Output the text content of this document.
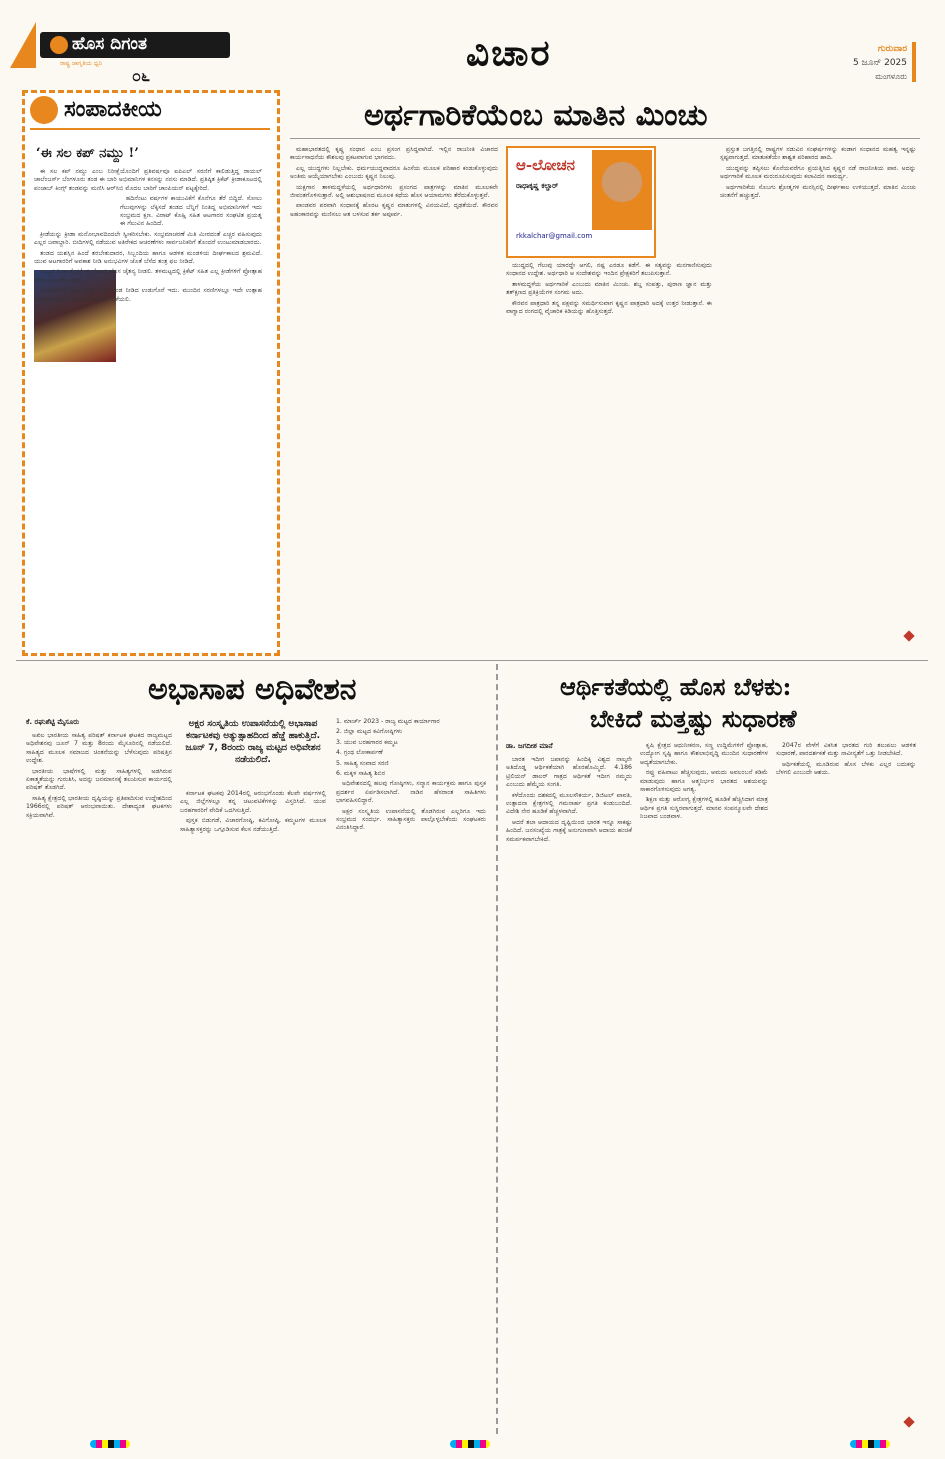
ಹೊಸ ದಿಗಂತ
ರಾಷ್ಟ್ರ ಜಾಗೃತಿಯ ಧ್ವನಿ
೦೬
ವಿಚಾರ	ಗುರುವಾರ
5 ಜೂನ್ 2025
ಮಂಗಳೂರು
ಸಂಪಾದಕೀಯ
‘ಈ ಸಲ ಕಪ್ ನಮ್ದು !’

ಈ ಸಲ ಕಪ್ ನಮ್ದು ಎಂಬ ನಿರೀಕ್ಷೆಯೊಂದಿಗೆ ಪ್ರತಿವರ್ಷವೂ ಐಪಿಎಲ್ ಸರಣಿಗೆ ಕಾಲಿಡುತ್ತಿದ್ದ ರಾಯಲ್ ಚಾಲೆಂಜರ್ಸ್ ಬೆಂಗಳೂರು ತಂಡ ಈ ಬಾರಿ ಅಭಿಮಾನಿಗಳ ಕನಸನ್ನು ನನಸು ಮಾಡಿದೆ. ಪ್ರತಿಷ್ಠಿತ ಕ್ರಿಕೆಟ್ ಕ್ರೀಡಾಕೂಟದಲ್ಲಿ ಪಂಜಾಬ್ ಕಿಂಗ್ಸ್ ತಂಡವನ್ನು ಮಣಿಸಿ ಆರ್‌ಸಿಬಿ ಮೊದಲ ಬಾರಿಗೆ ಚಾಂಪಿಯನ್ ಪಟ್ಟಕ್ಕೇರಿದೆ.

ಹದಿನೆಂಟು ವರ್ಷಗಳ ಕಾಯುವಿಕೆಗೆ ಕೊನೆಗೂ ತೆರೆ ಬಿದ್ದಿದೆ. ಸೋಲು ಗೆಲುವುಗಳನ್ನು ಲೆಕ್ಕಿಸದೆ ತಂಡದ ಬೆನ್ನಿಗೆ ನಿಂತಿದ್ದ ಅಭಿಮಾನಿಗಳಿಗೆ ಇದು ಸಂಭ್ರಮದ ಕ್ಷಣ. ವಿರಾಟ್ ಕೊಹ್ಲಿ ಸಹಿತ ಆಟಗಾರರ ಸಂಘಟಿತ ಪ್ರಯತ್ನ ಈ ಗೆಲುವಿನ ಹಿಂದಿದೆ.

ಕ್ರೀಡೆಯನ್ನು ಕ್ರೀಡಾ ಮನೋಭಾವದಿಂದಲೇ ಸ್ವೀಕರಿಸಬೇಕು. ಸಂಭ್ರಮಾಚರಣೆ ಮಿತಿ ಮೀರದಂತೆ ಎಚ್ಚರ ವಹಿಸುವುದು ಎಲ್ಲರ ಜವಾಬ್ದಾರಿ. ಬೀದಿಗಳಲ್ಲಿ ನಡೆಯುವ ಅತಿರೇಕದ ಆಚರಣೆಗಳು ಸಾರ್ವಜನಿಕರಿಗೆ ತೊಂದರೆ ಉಂಟುಮಾಡಬಾರದು.

ತಂಡದ ಯಶಸ್ಸಿನ ಹಿಂದೆ ತರಬೇತುದಾರರ, ಸಿಬ್ಬಂದಿಯ ಹಾಗೂ ಆಡಳಿತ ಮಂಡಳಿಯ ದೀರ್ಘಕಾಲದ ಶ್ರಮವಿದೆ. ಯುವ ಆಟಗಾರರಿಗೆ ಅವಕಾಶ ನೀಡಿ ಅನುಭವಿಗಳ ಜೊತೆ ಬೆಸೆದ ತಂತ್ರ ಫಲ ನೀಡಿದೆ.

ರಾಜ್ಯದ ಕ್ರೀಡಾ ಕ್ಷೇತ್ರಕ್ಕೆ ಈ ಗೆಲುವು ಹೊಸ ಚೈತನ್ಯ ನೀಡಲಿ. ತಳಮಟ್ಟದಲ್ಲಿ ಕ್ರಿಕೆಟ್ ಸಹಿತ ಎಲ್ಲ ಕ್ರೀಡೆಗಳಿಗೆ ಪ್ರೋತ್ಸಾಹ ಸಿಗಲಿ ಎಂಬುದೇ ಆಶಯ.

ಅಭಿಮಾನಿಗಳ ಅಕ್ಕರೆ ಮತ್ತು ನಿಷ್ಠೆಗೆ ತಂಡ ನೀಡಿದ ಉಡುಗೊರೆ ಇದು. ಮುಂದಿನ ಸರಣಿಗಳಲ್ಲೂ ಇದೇ ಉತ್ಸಾಹ ಮುಂದುವರಿಯಲಿ, ಗೆಲುವಿನ ಪರಂಪರೆ ಬೆಳೆಯಲಿ.

ಅರ್ಥಗಾರಿಕೆಯೆಂಬ ಮಾತಿನ ಮಿಂಚು
ಆ-ಲೋಚನ
ರಾಧಾಕೃಷ್ಣ ಕಲ್ಚಾರ್
rkkalchar@gmail.com

ಮಹಾಭಾರತದಲ್ಲಿ ಕೃಷ್ಣ ಸಂಧಾನ ಎಂಬ ಪ್ರಸಂಗ ಪ್ರಸಿದ್ಧವಾಗಿದೆ. ಇಲ್ಲಿನ ರಾಜನೀತಿ ವಿಚಾರದ ಕಾರ್ಯಸಾಧನೆಯ ಕೌಶಲವು ಪ್ರಕಟವಾಗುವ ಭಾಗವದು.

ಎಲ್ಲ ಯುದ್ಧಗಳು ನಿಲ್ಲಬೇಕು. ಧರ್ಮಯುದ್ಧವಾದರೂ ಹಿಂಸೆಯ ಮೂಲಕ ಪರಿಹಾರ ಕಂಡುಕೊಳ್ಳುವುದು ಅಂತಿಮ ಆಯ್ಕೆಯಾಗಬೇಕು ಎಂಬುದು ಕೃಷ್ಣನ ನಿಲುವು.

ಯಕ್ಷಗಾನ ತಾಳಮದ್ದಳೆಯಲ್ಲಿ ಅರ್ಥಧಾರಿಗಳು ಪ್ರಸಂಗದ ಪಾತ್ರಗಳನ್ನು ಮಾತಿನ ಮೂಲಕವೇ ಜೀವಂತಗೊಳಿಸುತ್ತಾರೆ. ಅಲ್ಲಿ ಆಶುಭಾಷಣದ ಮೂಲಕ ಕಥೆಯ ಹೊಸ ಆಯಾಮಗಳು ತೆರೆದುಕೊಳ್ಳುತ್ತವೆ.

ಪಾಂಡವರ ಪರವಾಗಿ ಸಂಧಾನಕ್ಕೆ ಹೊರಟ ಕೃಷ್ಣನ ಮಾತುಗಳಲ್ಲಿ ವಿನಯವಿದೆ, ದೃಢತೆಯಿದೆ. ಕೌರವನ ಅಹಂಕಾರವನ್ನು ಮಣಿಸಲು ಆತ ಬಳಸುವ ತರ್ಕ ಅಪೂರ್ವ.

ಯುದ್ಧದಲ್ಲಿ ಗೆಲುವು ಯಾರದ್ದೇ ಆಗಲಿ, ನಷ್ಟ ಎರಡೂ ಕಡೆಗೆ. ಈ ಸತ್ಯವನ್ನು ಮನಗಾಣಿಸುವುದು ಸಂಧಾನದ ಉದ್ದೇಶ. ಅರ್ಥಧಾರಿ ಆ ಸಂದೇಶವನ್ನು ಇಂದಿನ ಪ್ರೇಕ್ಷಕರಿಗೆ ತಲುಪಿಸುತ್ತಾನೆ.

ತಾಳಮದ್ದಳೆಯ ಅರ್ಥಗಾರಿಕೆ ಎಂಬುದು ಮಾತಿನ ಮಿಂಚು. ಶಬ್ದ ಸಂಪತ್ತು, ಪುರಾಣ ಜ್ಞಾನ ಮತ್ತು ತತ್‌ಕ್ಷಣದ ಪ್ರತಿಕ್ರಿಯೆಗಳ ಸಂಗಮ ಅದು.

ಕೌರವನ ಪಾತ್ರಧಾರಿ ತನ್ನ ಪಕ್ಷವನ್ನು ಸಮರ್ಥಿಸುವಾಗ ಕೃಷ್ಣನ ಪಾತ್ರಧಾರಿ ಅದಕ್ಕೆ ಉತ್ತರ ನೀಡುತ್ತಾನೆ. ಈ ವಾಗ್ವಾದ ರಂಗದಲ್ಲಿ ವೈಚಾರಿಕ ಕಿಡಿಯನ್ನು ಹೊತ್ತಿಸುತ್ತದೆ.

ಪ್ರಸ್ತುತ ಜಗತ್ತಿನಲ್ಲಿ ರಾಷ್ಟ್ರಗಳ ನಡುವಿನ ಸಂಘರ್ಷಗಳನ್ನು ಕಂಡಾಗ ಸಂಧಾನದ ಮಹತ್ವ ಇನ್ನಷ್ಟು ಸ್ಪಷ್ಟವಾಗುತ್ತದೆ. ಮಾತುಕತೆಯೇ ಶಾಶ್ವತ ಪರಿಹಾರದ ಹಾದಿ.

ಯುದ್ಧವನ್ನು ತಪ್ಪಿಸಲು ಕೊನೆಯವರೆಗೂ ಪ್ರಯತ್ನಿಸಿದ ಕೃಷ್ಣನ ನಡೆ ರಾಜನೀತಿಯ ಪಾಠ. ಅದನ್ನು ಅರ್ಥಗಾರಿಕೆ ಮೂಲಕ ಮರುರೂಪಿಸುವುದು ಕಲಾವಿದನ ಸಾಮರ್ಥ್ಯ.

ಅರ್ಥಗಾರಿಕೆಯ ಸೊಬಗು ಶ್ರೋತೃಗಳ ಮನಸ್ಸಿನಲ್ಲಿ ದೀರ್ಘಕಾಲ ಉಳಿಯುತ್ತದೆ. ಮಾತಿನ ಮಿಂಚು ಚಿಂತನೆಗೆ ಹಚ್ಚುತ್ತದೆ.

ಅಭಾಸಾಪ ಅಧಿವೇಶನ
ಕೆ. ರಘುಶೆಟ್ಟಿ ಮೈಸೂರು	ಅಕ್ಷರ ಸಂಸ್ಕೃತಿಯ ಉಪಾಸನೆಯಲ್ಲಿ ಅಭಾಸಾಪ ಕರ್ನಾಟಕವು ಅತ್ಯುತ್ಸಾಹದಿಂದ ಹೆಜ್ಜೆ ಹಾಕುತ್ತಿದೆ. ಜೂನ್ 7, 8ರಂದು ರಾಜ್ಯ ಮಟ್ಟದ ಅಧಿವೇಶನ ನಡೆಯಲಿದೆ.

ಅಖಿಲ ಭಾರತೀಯ ಸಾಹಿತ್ಯ ಪರಿಷತ್ ಕರ್ನಾಟಕ ಘಟಕದ ರಾಜ್ಯಮಟ್ಟದ ಅಧಿವೇಶನವು ಜೂನ್ 7 ಮತ್ತು 8ರಂದು ಮೈಸೂರಿನಲ್ಲಿ ನಡೆಯಲಿದೆ. ಸಾಹಿತ್ಯದ ಮೂಲಕ ಸಮಾಜದ ಚಿಂತನೆಯನ್ನು ಬೆಳೆಸುವುದು ಪರಿಷತ್ತಿನ ಉದ್ದೇಶ.

ಭಾರತೀಯ ಭಾಷೆಗಳಲ್ಲಿ ಮತ್ತು ಸಾಹಿತ್ಯಗಳಲ್ಲಿ ಅಡಗಿರುವ ಏಕಾತ್ಮತೆಯನ್ನು ಗುರುತಿಸಿ, ಅದನ್ನು ಜನಮಾನಸಕ್ಕೆ ತಲುಪಿಸುವ ಕಾರ್ಯದಲ್ಲಿ ಪರಿಷತ್ ತೊಡಗಿದೆ.

ಸಾಹಿತ್ಯ ಕ್ಷೇತ್ರದಲ್ಲಿ ಭಾರತೀಯ ದೃಷ್ಟಿಯನ್ನು ಪ್ರತಿಪಾದಿಸುವ ಉದ್ದೇಶದಿಂದ 1966ರಲ್ಲಿ ಪರಿಷತ್ ಆರಂಭವಾಯಿತು. ದೇಶಾದ್ಯಂತ ಘಟಕಗಳು ಸಕ್ರಿಯವಾಗಿವೆ.

ಕರ್ನಾಟಕ ಘಟಕವು 2014ರಲ್ಲಿ ಆರಂಭಗೊಂಡು ಕೆಲವೇ ವರ್ಷಗಳಲ್ಲಿ ಎಲ್ಲ ಜಿಲ್ಲೆಗಳಲ್ಲೂ ತನ್ನ ಚಟುವಟಿಕೆಗಳನ್ನು ವಿಸ್ತರಿಸಿದೆ. ಯುವ ಬರಹಗಾರರಿಗೆ ವೇದಿಕೆ ಒದಗಿಸುತ್ತಿದೆ.

ಪುಸ್ತಕ ಬಿಡುಗಡೆ, ವಿಚಾರಗೋಷ್ಠಿ, ಕವಿಗೋಷ್ಠಿ, ಕಮ್ಮಟಗಳ ಮೂಲಕ ಸಾಹಿತ್ಯಾಸಕ್ತರನ್ನು ಒಗ್ಗೂಡಿಸುವ ಕೆಲಸ ನಡೆಯುತ್ತಿದೆ.

1. ಮಾರ್ಚ್ 2023 - ರಾಜ್ಯ ಮಟ್ಟದ ಕಾರ್ಯಾಗಾರ

2. ಜಿಲ್ಲಾ ಮಟ್ಟದ ಕವಿಗೋಷ್ಠಿಗಳು

3. ಯುವ ಬರಹಗಾರರ ಕಮ್ಮಟ

4. ಗ್ರಂಥ ಲೋಕಾರ್ಪಣೆ

5. ಸಾಹಿತ್ಯ ಸಂವಾದ ಸರಣಿ

6. ಮಕ್ಕಳ ಸಾಹಿತ್ಯ ಶಿಬಿರ

ಅಧಿವೇಶನದಲ್ಲಿ ಹಲವು ಗೋಷ್ಠಿಗಳು, ಸನ್ಮಾನ ಕಾರ್ಯಕ್ರಮ ಹಾಗೂ ಪುಸ್ತಕ ಪ್ರದರ್ಶನ ಏರ್ಪಡಿಸಲಾಗಿದೆ. ನಾಡಿನ ಹೆಸರಾಂತ ಸಾಹಿತಿಗಳು ಭಾಗವಹಿಸಲಿದ್ದಾರೆ.

ಅಕ್ಷರ ಸಂಸ್ಕೃತಿಯ ಉಪಾಸನೆಯಲ್ಲಿ ತೊಡಗಿರುವ ಎಲ್ಲರಿಗೂ ಇದು ಸಂಭ್ರಮದ ಸಂದರ್ಭ. ಸಾಹಿತ್ಯಾಸಕ್ತರು ಪಾಲ್ಗೊಳ್ಳಬೇಕೆಂದು ಸಂಘಟಕರು ವಿನಂತಿಸಿದ್ದಾರೆ.

ಆರ್ಥಿಕತೆಯಲ್ಲಿ ಹೊಸ ಬೆಳಕು:
ಬೇಕಿದೆ ಮತ್ತಷ್ಟು ಸುಧಾರಣೆ
ಡಾ. ಜಗದೀಶ ಮಾನೆ

ಬಾರತ ಇದೀಗ ಜಪಾನನ್ನು ಹಿಂದಿಕ್ಕಿ ವಿಶ್ವದ ನಾಲ್ಕನೇ ಅತಿದೊಡ್ಡ ಆರ್ಥಿಕತೆಯಾಗಿ ಹೊರಹೊಮ್ಮಿದೆ. 4.186 ಟ್ರಿಲಿಯನ್ ಡಾಲರ್ ಗಾತ್ರದ ಆರ್ಥಿಕತೆ ಇದೀಗ ನಮ್ಮದು ಎಂಬುದು ಹೆಮ್ಮೆಯ ಸಂಗತಿ.

ಕಳೆದೊಂದು ದಶಕದಲ್ಲಿ ಮೂಲಸೌಕರ್ಯ, ಡಿಜಿಟಲ್ ಪಾವತಿ, ಉತ್ಪಾದನಾ ಕ್ಷೇತ್ರಗಳಲ್ಲಿ ಗಮನಾರ್ಹ ಪ್ರಗತಿ ಕಂಡುಬಂದಿದೆ. ವಿದೇಶಿ ನೇರ ಹೂಡಿಕೆ ಹೆಚ್ಚಳವಾಗಿದೆ.

ಆದರೆ ತಲಾ ಆದಾಯದ ದೃಷ್ಟಿಯಿಂದ ಭಾರತ ಇನ್ನೂ ಸಾಕಷ್ಟು ಹಿಂದಿದೆ. ಜನಸಂಖ್ಯೆಯ ಗಾತ್ರಕ್ಕೆ ಅನುಗುಣವಾಗಿ ಆದಾಯ ಹಂಚಿಕೆ ಸಮರ್ಪಕವಾಗಬೇಕಿದೆ.

ಕೃಷಿ ಕ್ಷೇತ್ರದ ಆಧುನೀಕರಣ, ಸಣ್ಣ ಉದ್ದಿಮೆಗಳಿಗೆ ಪ್ರೋತ್ಸಾಹ, ಉದ್ಯೋಗ ಸೃಷ್ಟಿ ಹಾಗೂ ಕೌಶಲಾಭಿವೃದ್ಧಿ ಮುಂದಿನ ಸುಧಾರಣೆಗಳ ಆದ್ಯತೆಯಾಗಬೇಕು.

ರಫ್ತು ವಹಿವಾಟು ಹೆಚ್ಚಿಸುವುದು, ಆಮದು ಅವಲಂಬನೆ ಕಡಿಮೆ ಮಾಡುವುದು ಹಾಗೂ ಆತ್ಮನಿರ್ಭರ ಭಾರತದ ಆಶಯವನ್ನು ಸಾಕಾರಗೊಳಿಸುವುದು ಅಗತ್ಯ.

ಶಿಕ್ಷಣ ಮತ್ತು ಆರೋಗ್ಯ ಕ್ಷೇತ್ರಗಳಲ್ಲಿ ಹೂಡಿಕೆ ಹೆಚ್ಚಿಸಿದಾಗ ಮಾತ್ರ ಆರ್ಥಿಕ ಪ್ರಗತಿ ಸುಸ್ಥಿರವಾಗುತ್ತದೆ. ಮಾನವ ಸಂಪನ್ಮೂಲವೇ ದೇಶದ ನಿಜವಾದ ಬಂಡವಾಳ.

2047ರ ವೇಳೆಗೆ ವಿಕಸಿತ ಭಾರತದ ಗುರಿ ತಲುಪಲು ಆಡಳಿತ ಸುಧಾರಣೆ, ಪಾರದರ್ಶಕತೆ ಮತ್ತು ನಾವೀನ್ಯತೆಗೆ ಒತ್ತು ನೀಡಬೇಕಿದೆ.

ಆರ್ಥಿಕತೆಯಲ್ಲಿ ಮೂಡಿರುವ ಹೊಸ ಬೆಳಕು ಎಲ್ಲರ ಬದುಕನ್ನು ಬೆಳಗಲಿ ಎಂಬುದೇ ಆಶಯ.
